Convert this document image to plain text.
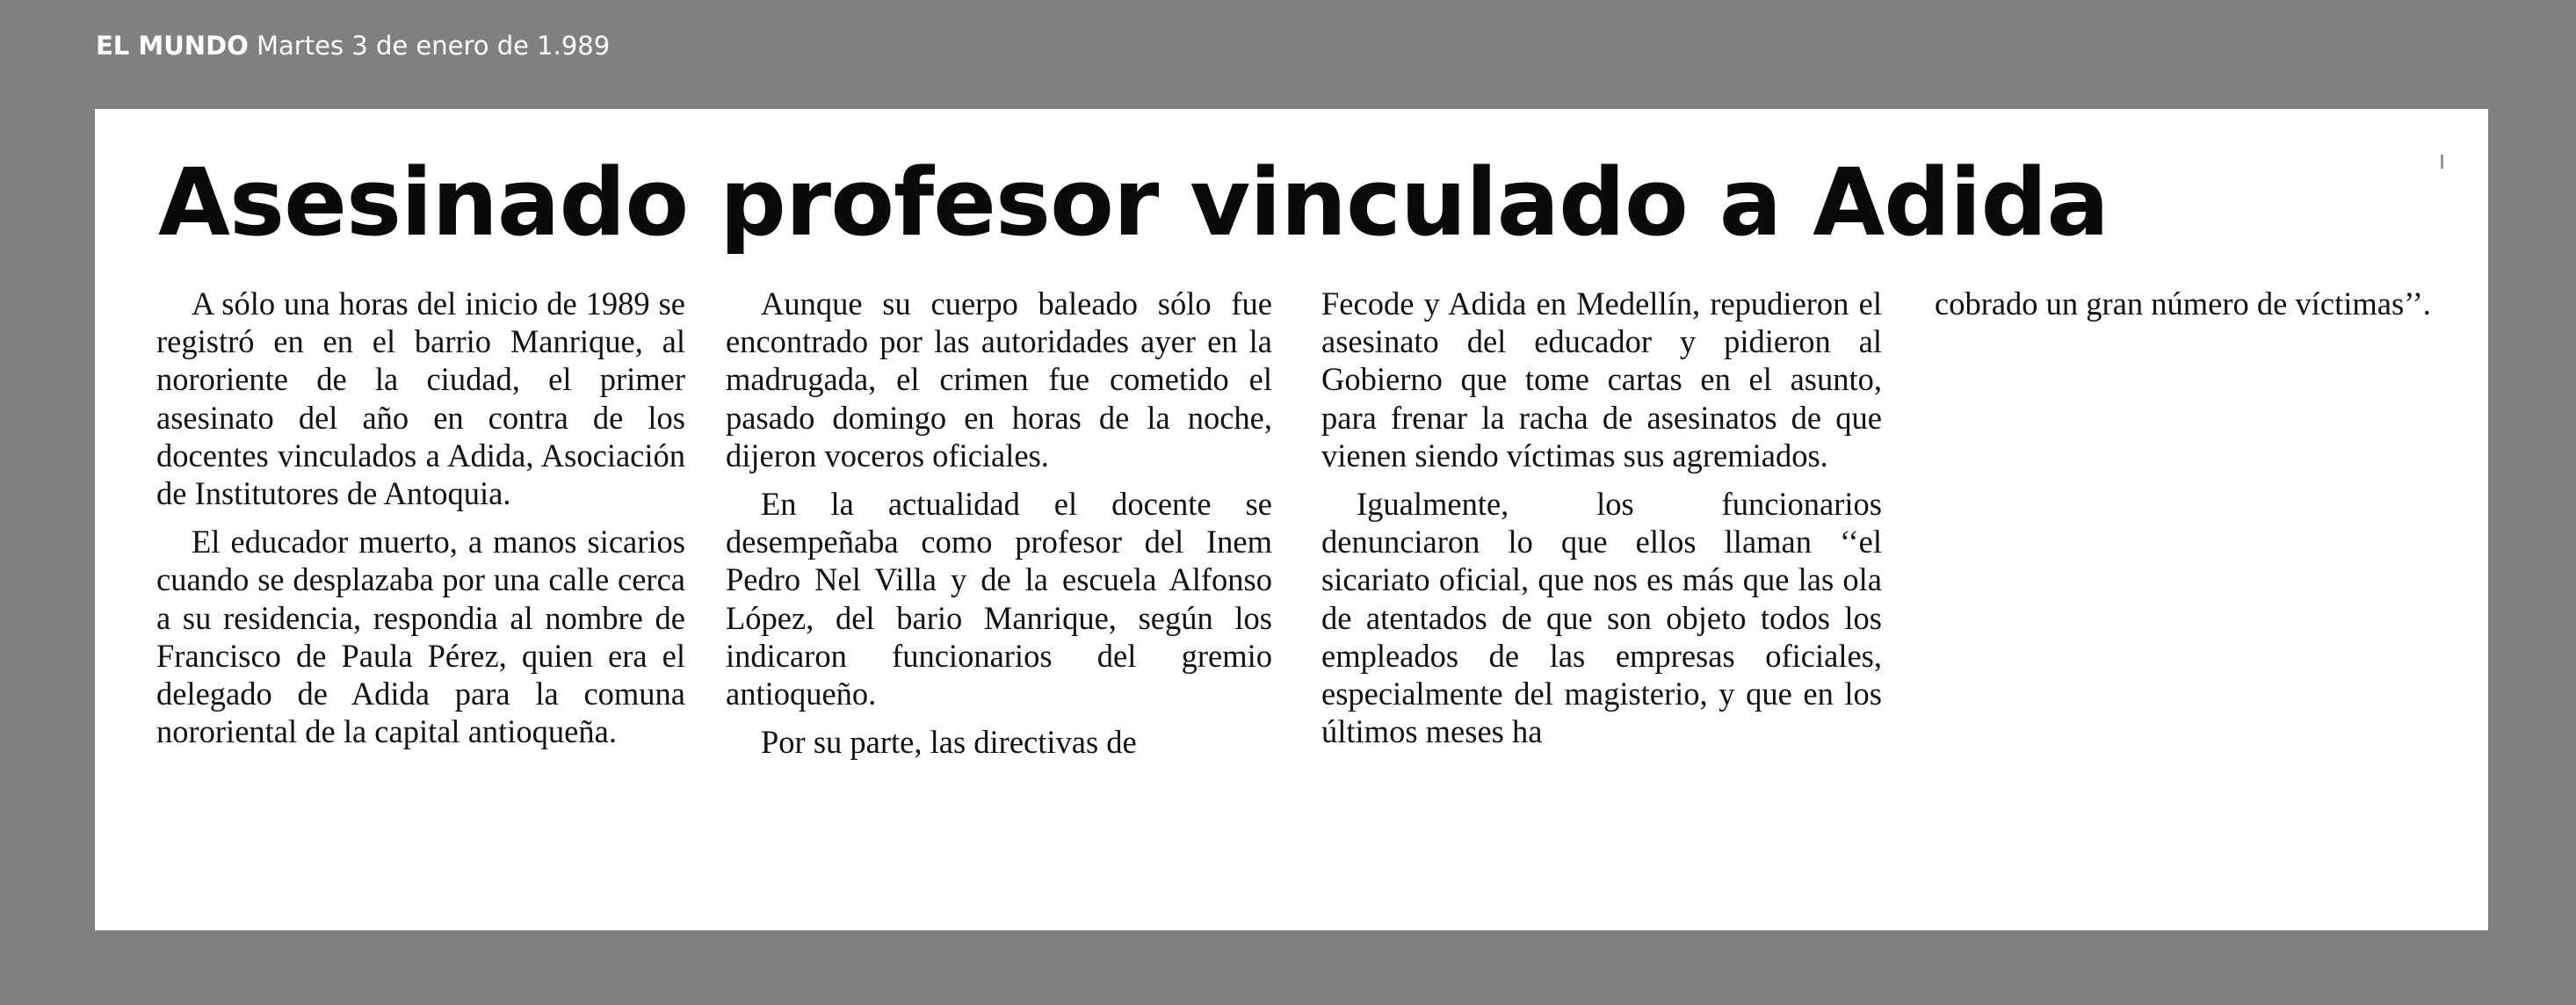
EL MUNDO Martes 3 de enero de 1.989
Asesinado profesor vinculado a Adida

A sólo una horas del inicio de 1989 se registró en en el barrio Manrique, al nororiente de la ciudad, el primer asesinato del año en contra de los docentes vinculados a Adida, Asociación de Institutores de Antoquia.

El educador muerto, a manos sicarios cuando se desplazaba por una calle cerca a su residencia, respondia al nombre de Francisco de Paula Pérez, quien era el delegado de Adida para la comuna nororiental de la capital antioqueña.

Aunque su cuerpo baleado sólo fue encontrado por las autoridades ayer en la madrugada, el crimen fue cometido el pasado domingo en horas de la noche, dijeron voceros oficiales.

En la actualidad el docente se desempeñaba como profesor del Inem Pedro Nel Villa y de la escuela Alfonso López, del bario Manrique, según los indicaron funcionarios del gremio antioqueño.

Por su parte, las directivas de

Fecode y Adida en Medellín, repudieron el asesinato del educador y pidieron al Gobierno que tome cartas en el asunto, para frenar la racha de asesinatos de que vienen siendo víctimas sus agremiados.

Igualmente, los funcionarios denunciaron lo que ellos llaman ‘‘el sicariato oficial, que nos es más que las ola de atentados de que son objeto todos los empleados de las empresas oficiales, especialmente del magisterio, y que en los últimos meses ha

cobrado un gran número de víctimas’’.
